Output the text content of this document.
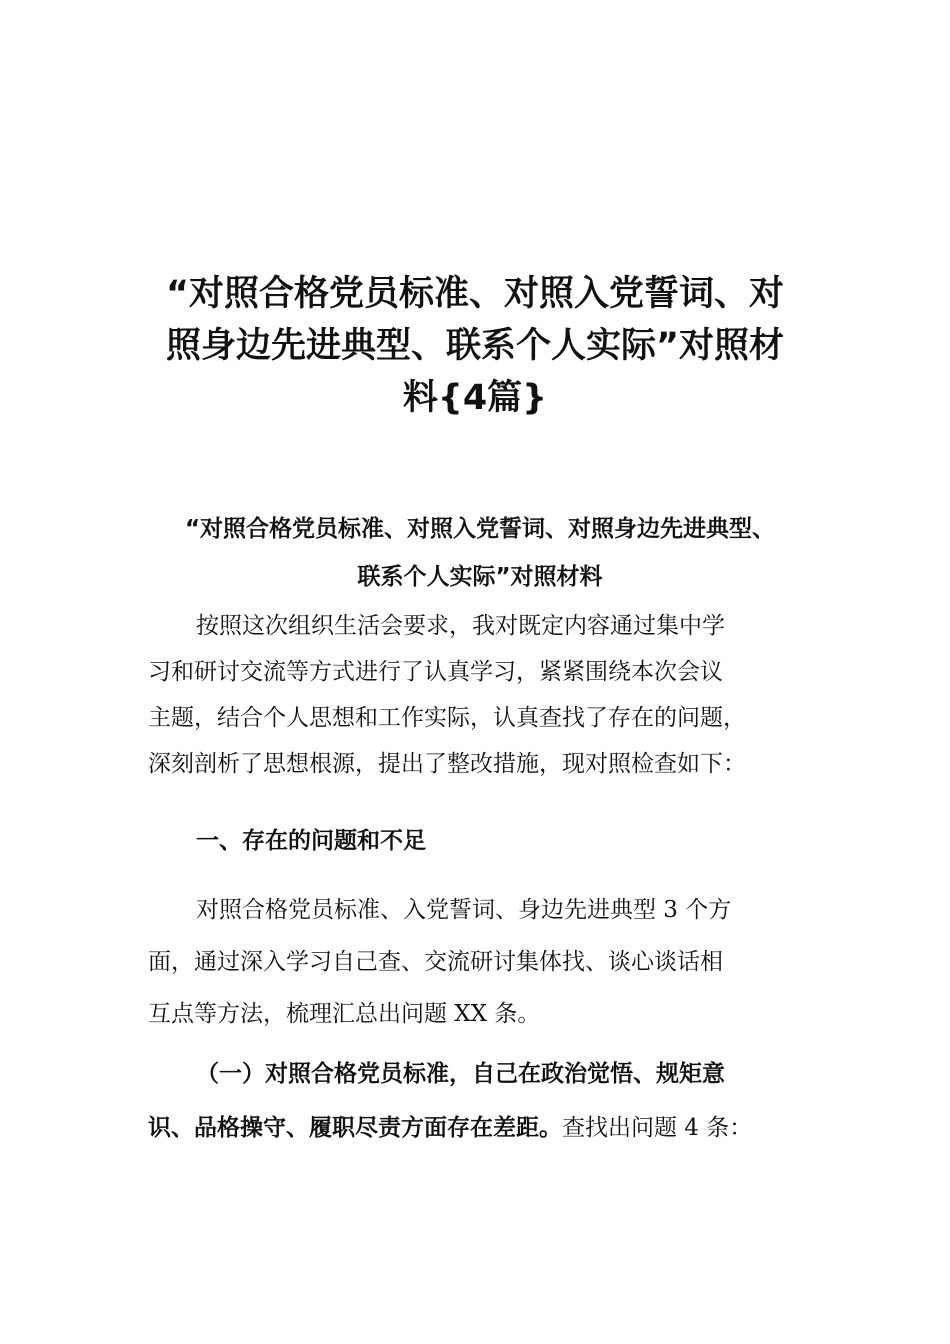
“对照合格党员标准、对照入党誓词、对
照身边先进典型、联系个人实际”对照材
料{4篇}
“对照合格党员标准、对照入党誓词、对照身边先进典型、
联系个人实际”对照材料

按照这次组织生活会要求，我对既定内容通过集中学
习和研讨交流等方式进行了认真学习，紧紧围绕本次会议
主题，结合个人思想和工作实际，认真查找了存在的问题，
深刻剖析了思想根源，提出了整改措施，现对照检查如下：

一、存在的问题和不足

对照合格党员标准、入党誓词、身边先进典型 3 个方
面，通过深入学习自己查、交流研讨集体找、谈心谈话相
互点等方法，梳理汇总出问题 XX 条。

（一）对照合格党员标准，自己在政治觉悟、规矩意
识、品格操守、履职尽责方面存在差距。查找出问题 4 条：
